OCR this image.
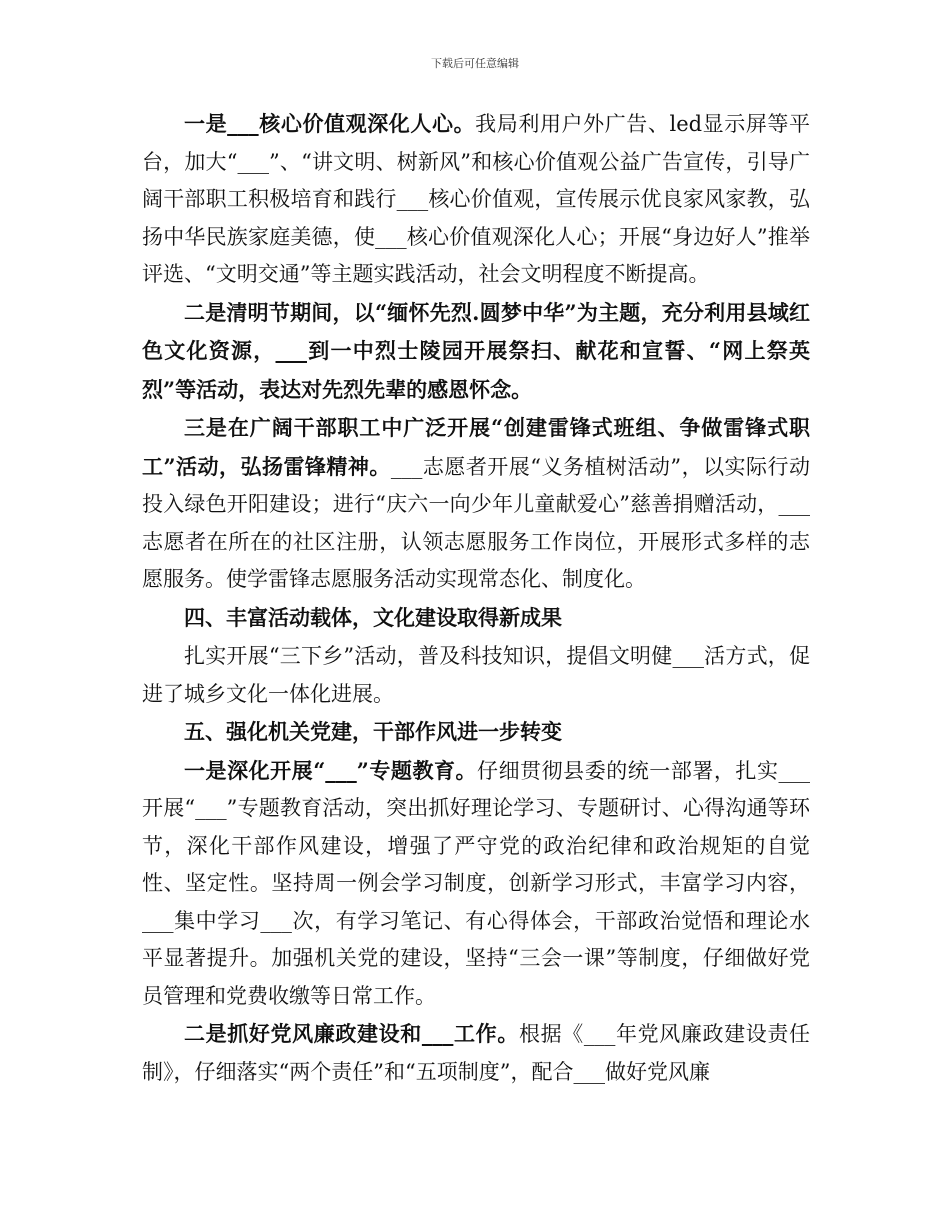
下载后可任意编辑

一是___核心价值观深化人心。我局利用户外广告、led显示屏等平台，加大“___”、“讲文明、树新风”和核心价值观公益广告宣传，引导广阔干部职工积极培育和践行___核心价值观，宣传展示优良家风家教，弘扬中华民族家庭美德，使___核心价值观深化人心；开展“身边好人”推举评选、“文明交通”等主题实践活动，社会文明程度不断提高。

二是清明节期间，以“缅怀先烈.圆梦中华”为主题，充分利用县域红色文化资源，___到一中烈士陵园开展祭扫、献花和宣誓、“网上祭英烈”等活动，表达对先烈先辈的感恩怀念。

三是在广阔干部职工中广泛开展“创建雷锋式班组、争做雷锋式职工”活动，弘扬雷锋精神。___志愿者开展“义务植树活动”，以实际行动投入绿色开阳建设；进行“庆六一向少年儿童献爱心”慈善捐赠活动，___志愿者在所在的社区注册，认领志愿服务工作岗位，开展形式多样的志愿服务。使学雷锋志愿服务活动实现常态化、制度化。

四、丰富活动载体，文化建设取得新成果

扎实开展“三下乡”活动，普及科技知识，提倡文明健___活方式，促进了城乡文化一体化进展。

五、强化机关党建，干部作风进一步转变

一是深化开展“___”专题教育。仔细贯彻县委的统一部署，扎实___开展“___”专题教育活动，突出抓好理论学习、专题研讨、心得沟通等环节，深化干部作风建设，增强了严守党的政治纪律和政治规矩的自觉性、坚定性。坚持周一例会学习制度，创新学习形式，丰富学习内容，___集中学习___次，有学习笔记、有心得体会，干部政治觉悟和理论水平显著提升。加强机关党的建设，坚持“三会一课”等制度，仔细做好党员管理和党费收缴等日常工作。

二是抓好党风廉政建设和___工作。根据《___年党风廉政建设责任制》，仔细落实“两个责任”和“五项制度”，配合___做好党风廉
